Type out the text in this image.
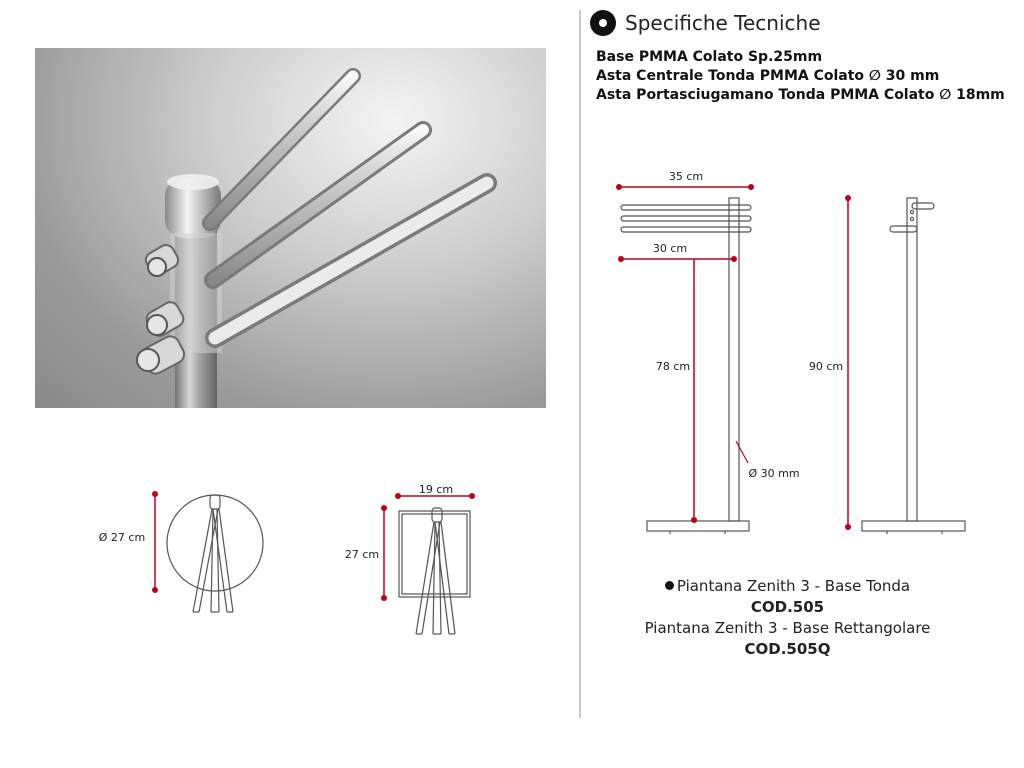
Specifiche Tecniche
Base PMMA Colato Sp.25mm
Asta Centrale Tonda PMMA Colato ∅ 30 mm
Asta Portasciugamano Tonda PMMA Colato ∅ 18mm
35 cm
30 cm
78 cm
Ø 30 mm
90 cm
Ø 27 cm
19 cm
27 cm
Piantana Zenith 3 - Base Tonda
COD.505
Piantana Zenith 3 - Base Rettangolare
COD.505Q
